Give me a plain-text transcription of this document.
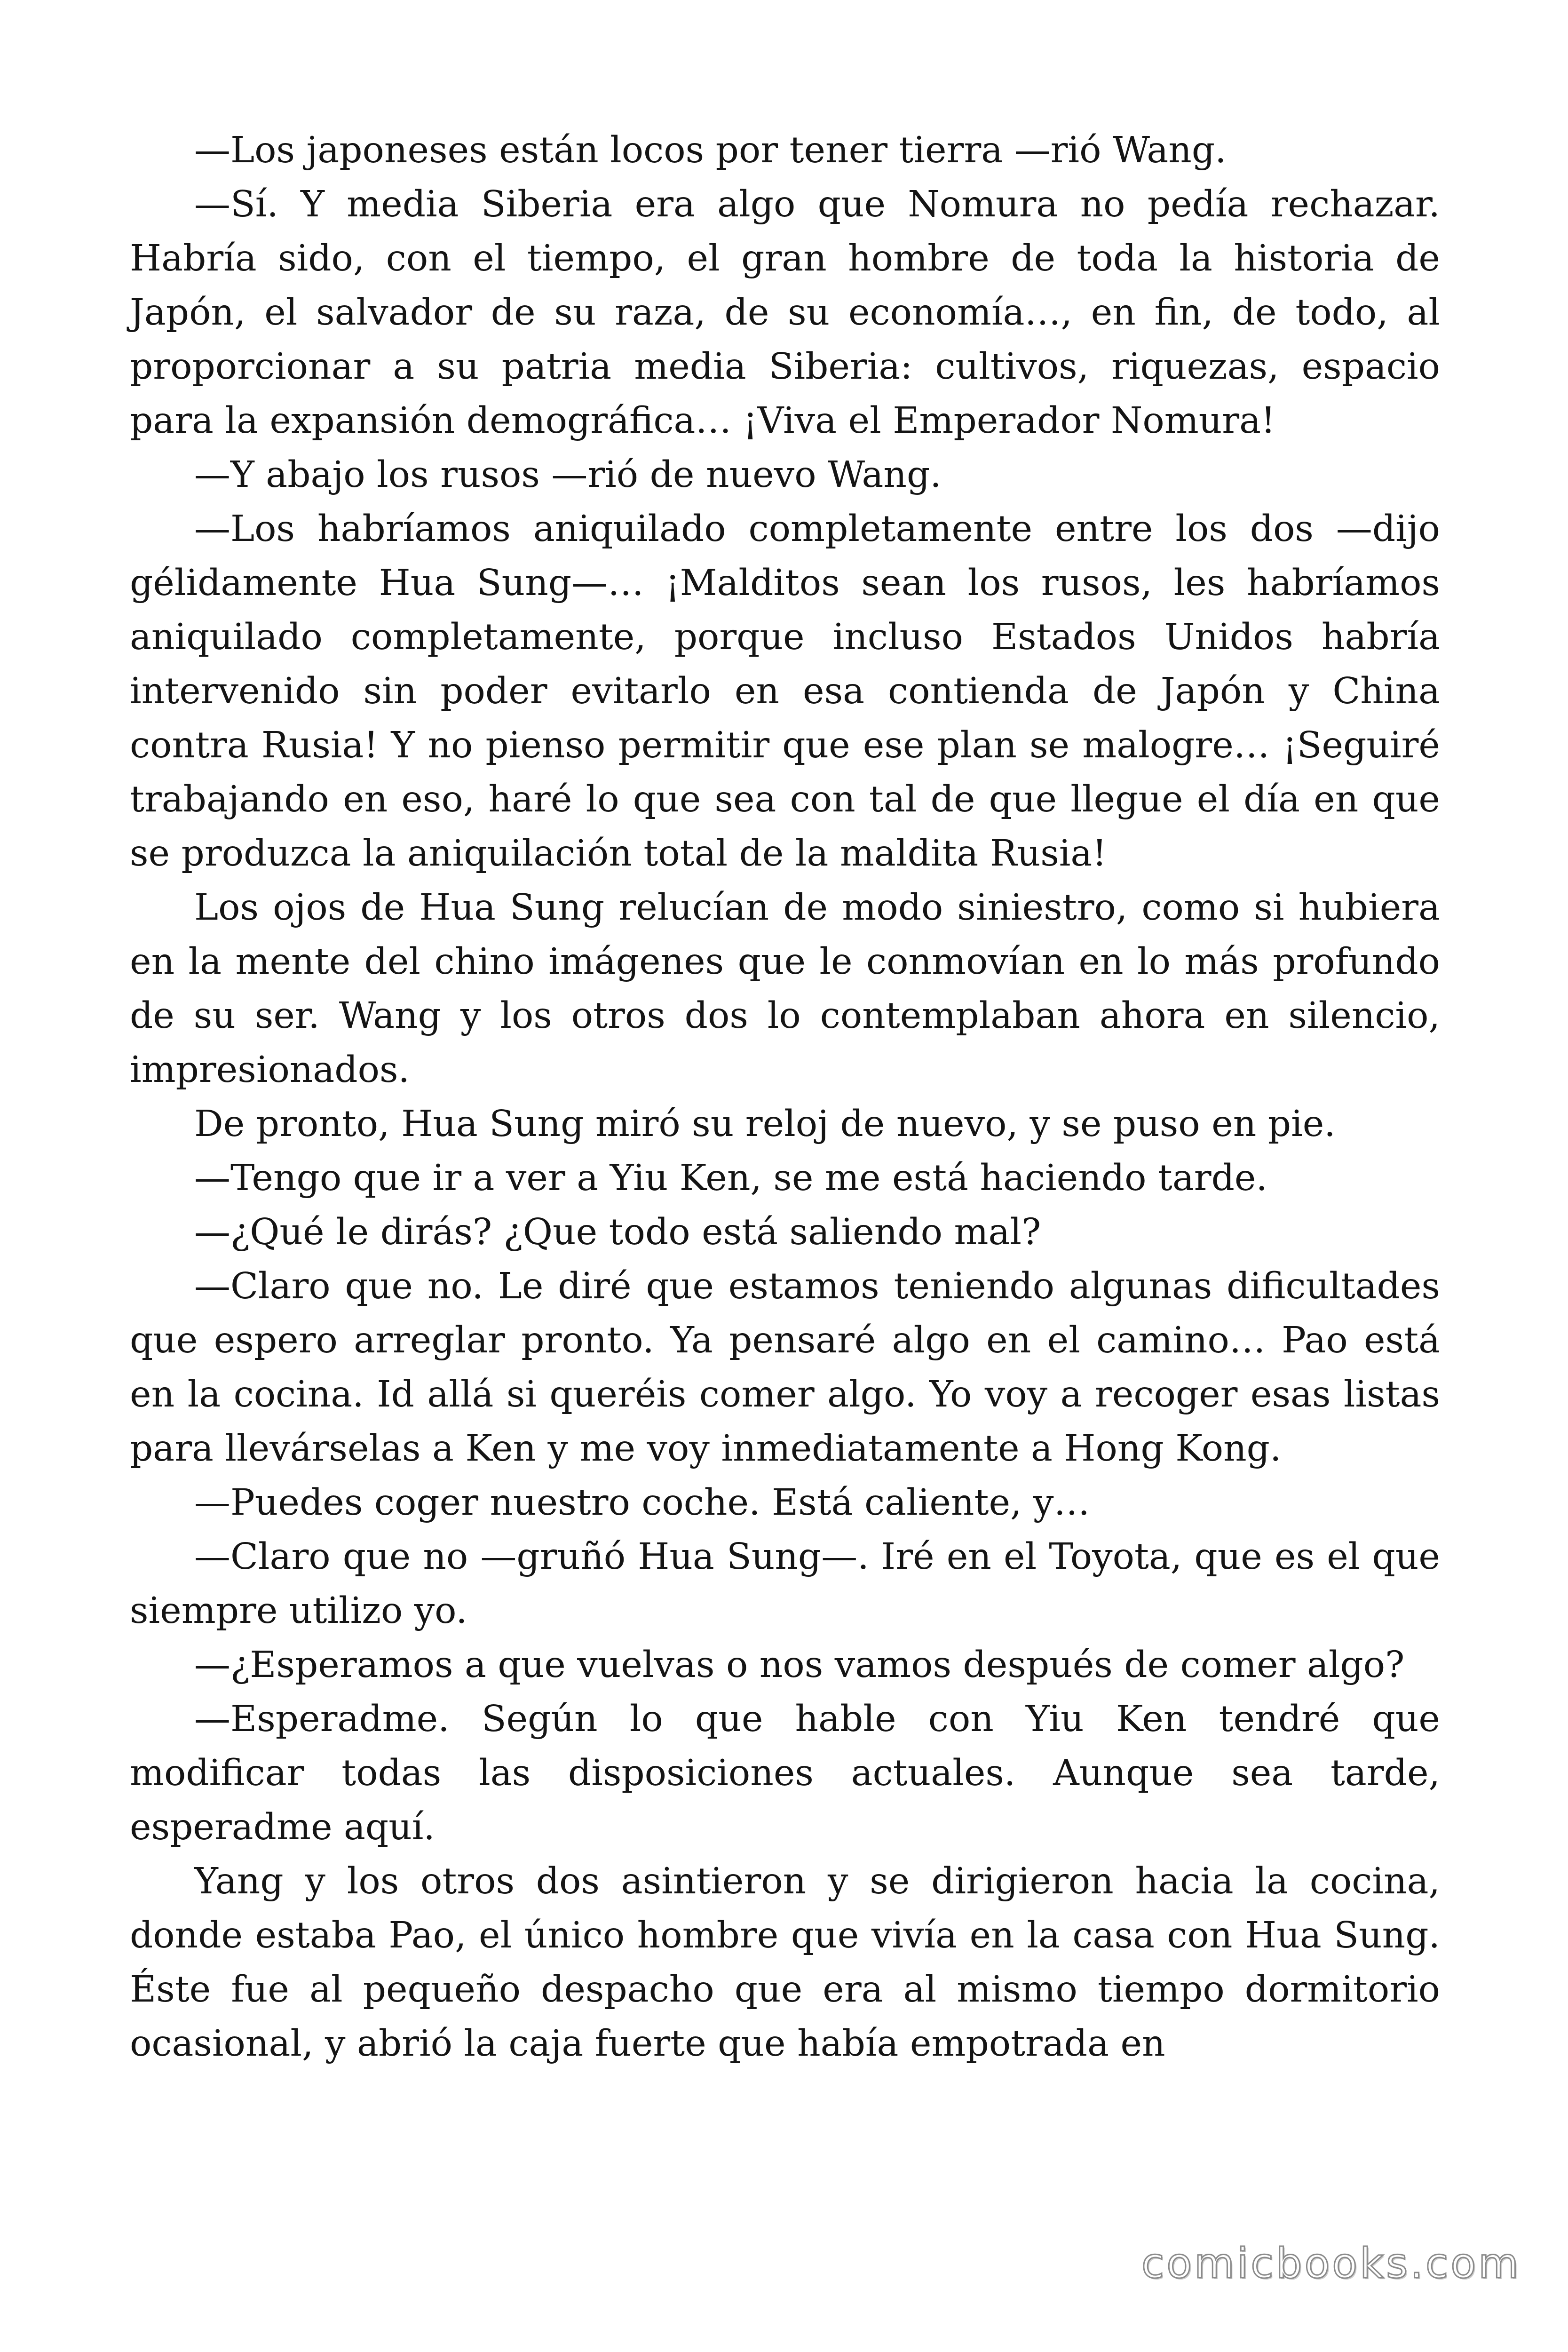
—Los japoneses están locos por tener tierra —rió Wang.

—Sí. Y media Siberia era algo que Nomura no pedía rechazar. Habría sido, con el tiempo, el gran hombre de toda la historia de Japón, el salvador de su raza, de su economía…, en fin, de todo, al proporcionar a su patria media Siberia: cultivos, riquezas, espacio para la expansión demográfica… ¡Viva el Emperador Nomura!

—Y abajo los rusos —rió de nuevo Wang.

—Los habríamos aniquilado completamente entre los dos —dijo gélidamente Hua Sung—… ¡Malditos sean los rusos, les habríamos aniquilado completamente, porque incluso Estados Unidos habría intervenido sin poder evitarlo en esa contienda de Japón y China contra Rusia! Y no pienso permitir que ese plan se malogre… ¡Seguiré trabajando en eso, haré lo que sea con tal de que llegue el día en que se produzca la aniquilación total de la maldita Rusia!

Los ojos de Hua Sung relucían de modo siniestro, como si hubiera en la mente del chino imágenes que le conmovían en lo más profundo de su ser. Wang y los otros dos lo contemplaban ahora en silencio, impresionados.

De pronto, Hua Sung miró su reloj de nuevo, y se puso en pie.

—Tengo que ir a ver a Yiu Ken, se me está haciendo tarde.

—¿Qué le dirás? ¿Que todo está saliendo mal?

—Claro que no. Le diré que estamos teniendo algunas dificultades que espero arreglar pronto. Ya pensaré algo en el camino… Pao está en la cocina. Id allá si queréis comer algo. Yo voy a recoger esas listas para llevárselas a Ken y me voy inmediatamente a Hong Kong.

—Puedes coger nuestro coche. Está caliente, y…

—Claro que no —gruñó Hua Sung—. Iré en el Toyota, que es el que siempre utilizo yo.

—¿Esperamos a que vuelvas o nos vamos después de comer algo?

—Esperadme. Según lo que hable con Yiu Ken tendré que modificar todas las disposiciones actuales. Aunque sea tarde, esperadme aquí.

Yang y los otros dos asintieron y se dirigieron hacia la cocina, donde estaba Pao, el único hombre que vivía en la casa con Hua Sung. Éste fue al pequeño despacho que era al mismo tiempo dormitorio ocasional, y abrió la caja fuerte que había empotrada en

comicbooks.com
